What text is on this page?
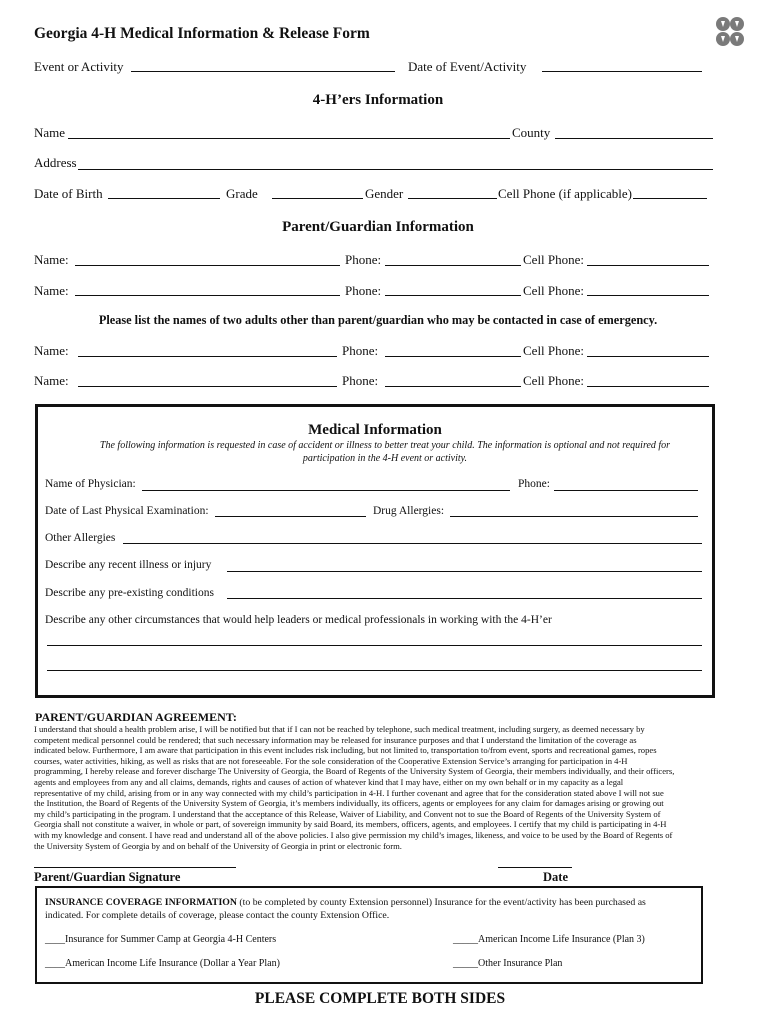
Georgia 4-H Medical Information & Release Form
Event or Activity	Date of Event/Activity
4-H’ers Information
Name	County
Address
Date of Birth	Grade	Gender	Cell Phone (if applicable)
Parent/Guardian Information
Name:	Phone:	Cell Phone:
Name:	Phone:	Cell Phone:
Please list the names of two adults other than parent/guardian who may be contacted in case of emergency.
Name:	Phone:	Cell Phone:
Name:	Phone:	Cell Phone:
Medical Information
The following information is requested in case of accident or illness to better treat your child. The information is optional and not required for
participation in the 4-H event or activity.
Name of Physician:	Phone:
Date of Last Physical Examination:	Drug Allergies:
Other Allergies
Describe any recent illness or injury
Describe any pre-existing conditions
Describe any other circumstances that would help leaders or medical professionals in working with the 4-H’er
PARENT/GUARDIAN AGREEMENT:
I understand that should a health problem arise, I will be notified but that if I can not be reached by telephone, such medical treatment, including surgery, as deemed necessary by
competent medical personnel could be rendered; that such necessary information may be released for insurance purposes and that I understand the limitation of the coverage as
indicated below. Furthermore, I am aware that participation in this event includes risk including, but not limited to, transportation to/from event, sports and recreational games, ropes
courses, water activities, hiking, as well as risks that are not foreseeable. For the sole consideration of the Cooperative Extension Service’s arranging for participation in 4-H
programming, I hereby release and forever discharge The University of Georgia, the Board of Regents of the University System of Georgia, their members individually, and their officers,
agents and employees from any and all claims, demands, rights and causes of action of whatever kind that I may have, either on my own behalf or in my capacity as a legal
representative of my child, arising from or in any way connected with my child’s participation in 4-H. I further covenant and agree that for the consideration stated above I will not sue
the Institution, the Board of Regents of the University System of Georgia, it’s members individually, its officers, agents or employees for any claim for damages arising or growing out
my child’s participating in the program. I understand that the acceptance of this Release, Waiver of Liability, and Convent not to sue the Board of Regents of the University System of
Georgia shall not constitute a waiver, in whole or part, of sovereign immunity by said Board, its members, officers, agents, and employees. I certify that my child is participating in 4-H
with my knowledge and consent. I have read and understand all of the above policies. I also give permission my child’s images, likeness, and voice to be used by the Board of Regents of
the University System of Georgia by and on behalf of the University of Georgia in print or electronic form.
Parent/Guardian Signature	Date
INSURANCE COVERAGE INFORMATION (to be completed by county Extension personnel) Insurance for the event/activity has been purchased as
indicated. For complete details of coverage, please contact the county Extension Office.
____Insurance for Summer Camp at Georgia 4-H Centers	_____American Income Life Insurance (Plan 3)
____American Income Life Insurance (Dollar a Year Plan)	_____Other Insurance Plan
PLEASE COMPLETE BOTH SIDES
